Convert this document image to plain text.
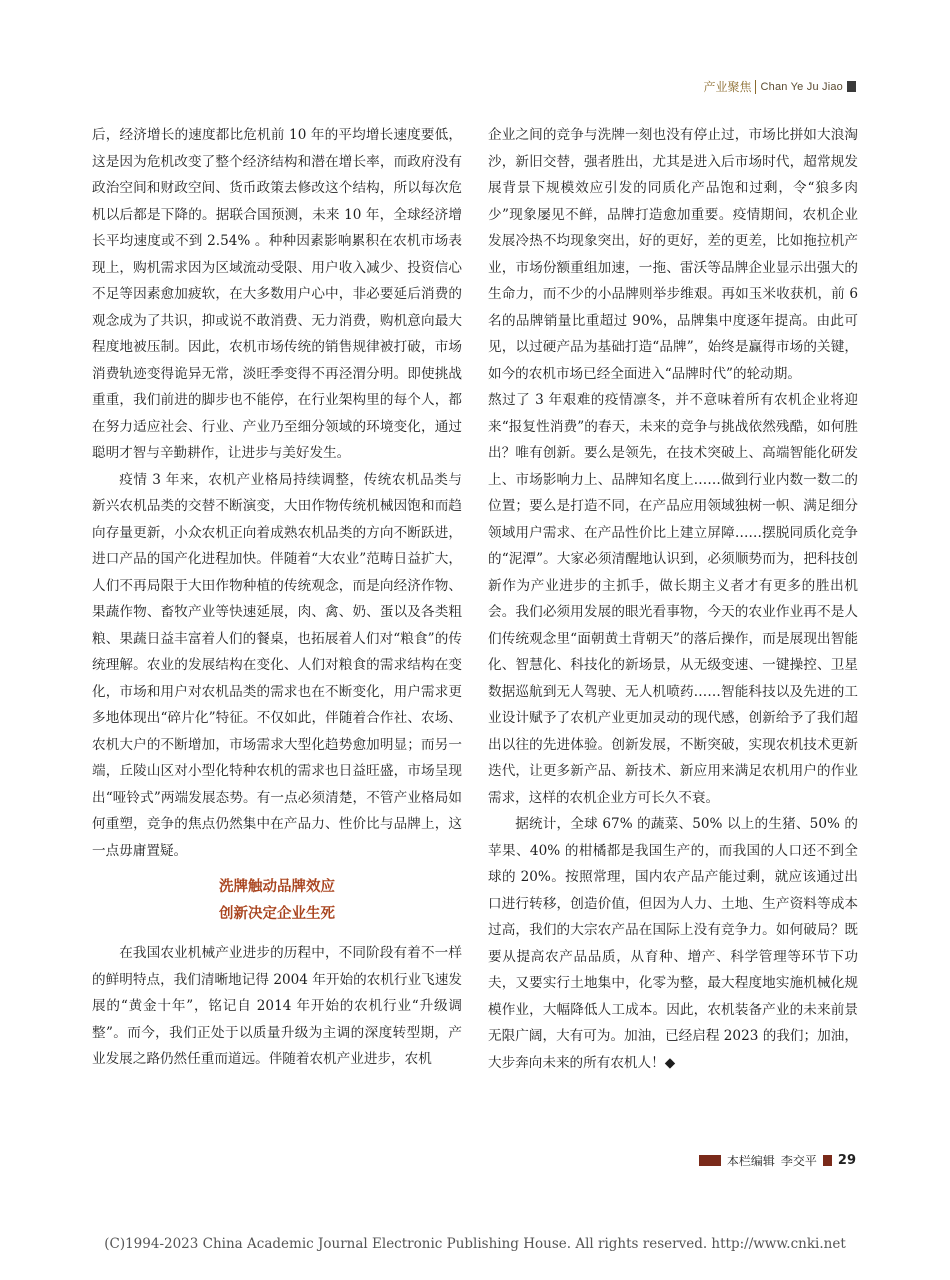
产业聚焦 Chan Ye Ju Jiao

后，经济增长的速度都比危机前 10 年的平均增长速度要低，这是因为危机改变了整个经济结构和潜在增长率，而政府没有政治空间和财政空间、货币政策去修改这个结构，所以每次危机以后都是下降的。据联合国预测，未来 10 年，全球经济增长平均速度或不到 2.54% 。种种因素影响累积在农机市场表现上，购机需求因为区域流动受限、用户收入减少、投资信心不足等因素愈加疲软，在大多数用户心中，非必要延后消费的观念成为了共识，抑或说不敢消费、无力消费，购机意向最大程度地被压制。因此，农机市场传统的销售规律被打破，市场消费轨迹变得诡异无常，淡旺季变得不再泾渭分明。即使挑战重重，我们前进的脚步也不能停，在行业架构里的每个人，都在努力适应社会、行业、产业乃至细分领域的环境变化，通过聪明才智与辛勤耕作，让进步与美好发生。

疫情 3 年来，农机产业格局持续调整，传统农机品类与新兴农机品类的交替不断演变，大田作物传统机械因饱和而趋向存量更新，小众农机正向着成熟农机品类的方向不断跃进，进口产品的国产化进程加快。伴随着“大农业”范畴日益扩大，人们不再局限于大田作物种植的传统观念，而是向经济作物、果蔬作物、畜牧产业等快速延展，肉、禽、奶、蛋以及各类粗粮、果蔬日益丰富着人们的餐桌，也拓展着人们对“粮食”的传统理解。农业的发展结构在变化、人们对粮食的需求结构在变化，市场和用户对农机品类的需求也在不断变化，用户需求更多地体现出“碎片化”特征。不仅如此，伴随着合作社、农场、农机大户的不断增加，市场需求大型化趋势愈加明显；而另一端，丘陵山区对小型化特种农机的需求也日益旺盛，市场呈现出“哑铃式”两端发展态势。有一点必须清楚，不管产业格局如何重塑，竞争的焦点仍然集中在产品力、性价比与品牌上，这一点毋庸置疑。

洗牌触动品牌效应
创新决定企业生死

在我国农业机械产业进步的历程中，不同阶段有着不一样的鲜明特点，我们清晰地记得 2004 年开始的农机行业飞速发展的“黄金十年”，铭记自 2014 年开始的农机行业“升级调整”。而今，我们正处于以质量升级为主调的深度转型期，产业发展之路仍然任重而道远。伴随着农机产业进步，农机

企业之间的竞争与洗牌一刻也没有停止过，市场比拼如大浪淘沙，新旧交替，强者胜出，尤其是进入后市场时代，超常规发展背景下规模效应引发的同质化产品饱和过剩，令“狼多肉少”现象屡见不鲜，品牌打造愈加重要。疫情期间，农机企业发展冷热不均现象突出，好的更好，差的更差，比如拖拉机产业，市场份额重组加速，一拖、雷沃等品牌企业显示出强大的生命力，而不少的小品牌则举步维艰。再如玉米收获机，前 6 名的品牌销量比重超过 90%，品牌集中度逐年提高。由此可见，以过硬产品为基础打造“品牌”，始终是赢得市场的关键，如今的农机市场已经全面进入“品牌时代”的轮动期。

熬过了 3 年艰难的疫情凛冬，并不意味着所有农机企业将迎来“报复性消费”的春天，未来的竞争与挑战依然残酷，如何胜出？唯有创新。要么是领先，在技术突破上、高端智能化研发上、市场影响力上、品牌知名度上……做到行业内数一数二的位置；要么是打造不同，在产品应用领域独树一帜、满足细分领域用户需求、在产品性价比上建立屏障……摆脱同质化竞争的“泥潭”。大家必须清醒地认识到，必须顺势而为，把科技创新作为产业进步的主抓手，做长期主义者才有更多的胜出机会。我们必须用发展的眼光看事物，今天的农业作业再不是人们传统观念里“面朝黄土背朝天”的落后操作，而是展现出智能化、智慧化、科技化的新场景，从无级变速、一键操控、卫星数据巡航到无人驾驶、无人机喷药……智能科技以及先进的工业设计赋予了农机产业更加灵动的现代感，创新给予了我们超出以往的先进体验。创新发展，不断突破，实现农机技术更新迭代，让更多新产品、新技术、新应用来满足农机用户的作业需求，这样的农机企业方可长久不衰。

据统计，全球 67% 的蔬菜、50% 以上的生猪、50% 的苹果、40% 的柑橘都是我国生产的，而我国的人口还不到全球的 20%。按照常理，国内农产品产能过剩，就应该通过出口进行转移，创造价值，但因为人力、土地、生产资料等成本过高，我们的大宗农产品在国际上没有竞争力。如何破局？既要从提高农产品品质，从育种、增产、科学管理等环节下功夫，又要实行土地集中，化零为整，最大程度地实施机械化规模作业，大幅降低人工成本。因此，农机装备产业的未来前景无限广阔，大有可为。加油，已经启程 2023 的我们；加油，大步奔向未来的所有农机人！◆

本栏编辑 李交平 29
(C)1994-2023 China Academic Journal Electronic Publishing House. All rights reserved. http://www.cnki.net
